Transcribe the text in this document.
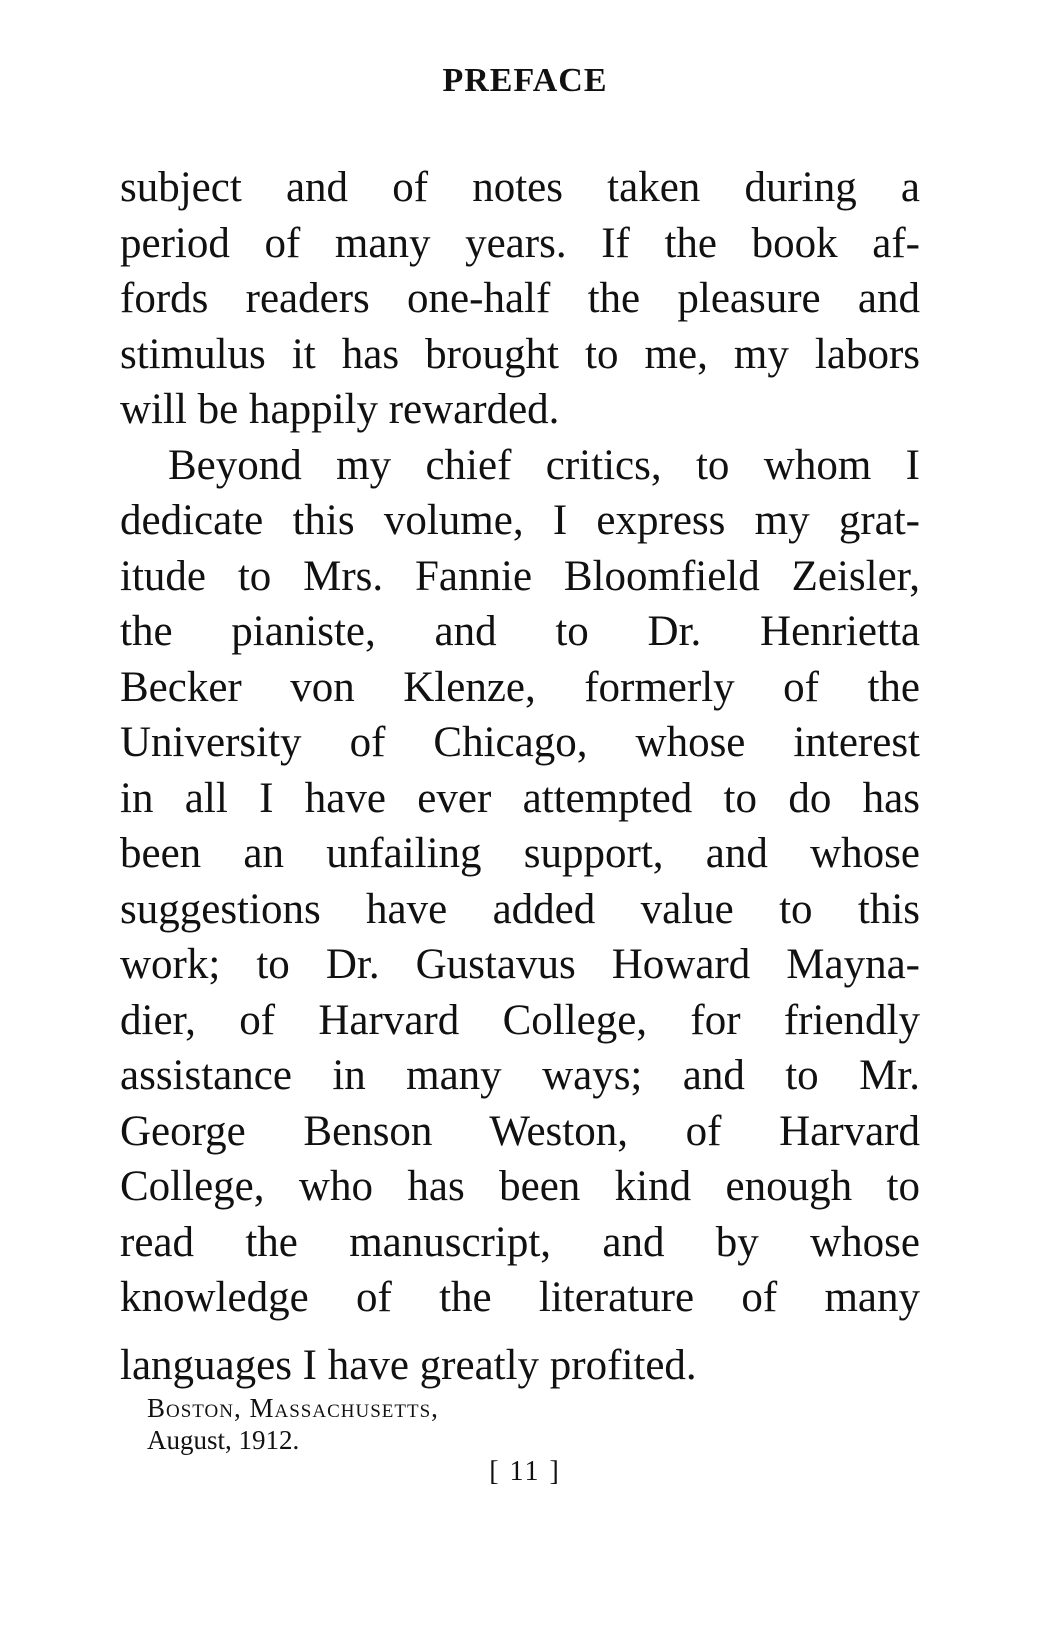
PREFACE
subject and of notes taken during a
period of many years. If the book af-
fords readers one-half the pleasure and
stimulus it has brought to me, my labors
will be happily rewarded.
Beyond my chief critics, to whom I
dedicate this volume, I express my grat-
itude to Mrs. Fannie Bloomfield Zeisler,
the pianiste, and to Dr. Henrietta
Becker von Klenze, formerly of the
University of Chicago, whose interest
in all I have ever attempted to do has
been an unfailing support, and whose
suggestions have added value to this
work; to Dr. Gustavus Howard Mayna-
dier, of Harvard College, for friendly
assistance in many ways; and to Mr.
George Benson Weston, of Harvard
College, who has been kind enough to
read the manuscript, and by whose
knowledge of the literature of many
languages I have greatly profited.
Boston, Massachusetts,
August, 1912.
[ 11 ]
